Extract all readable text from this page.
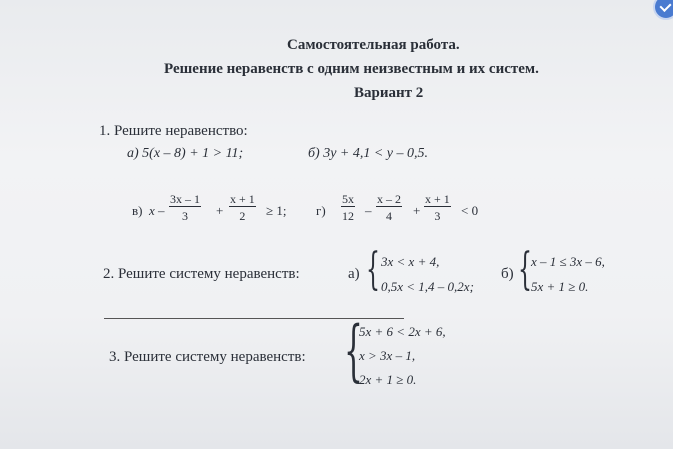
Самостоятельная работа.
Решение неравенств с одним неизвестным и их систем.
Вариант 2
1. Решите неравенство:
а) 5(x – 8) + 1 > 11;	б) 3y + 4,1 < y – 0,5.
в) $x - \frac{3x - 1}{3} + \frac{x + 1}{2} \ge 1$; $г) \frac{5x}{12} - \frac{x - 2}{4} + \frac{x + 1}{3} < 0$
2. Решите систему неравенств:	а) { 3x < x + 4,
0,5x < 1,4 – 0,2x;
б) { x – 1 ≤ 3x – 6,
5x + 1 ≥ 0.
3. Решите систему неравенств: {
5x + 6 < 2x + 6,
x > 3x – 1,
2x + 1 ≥ 0.
